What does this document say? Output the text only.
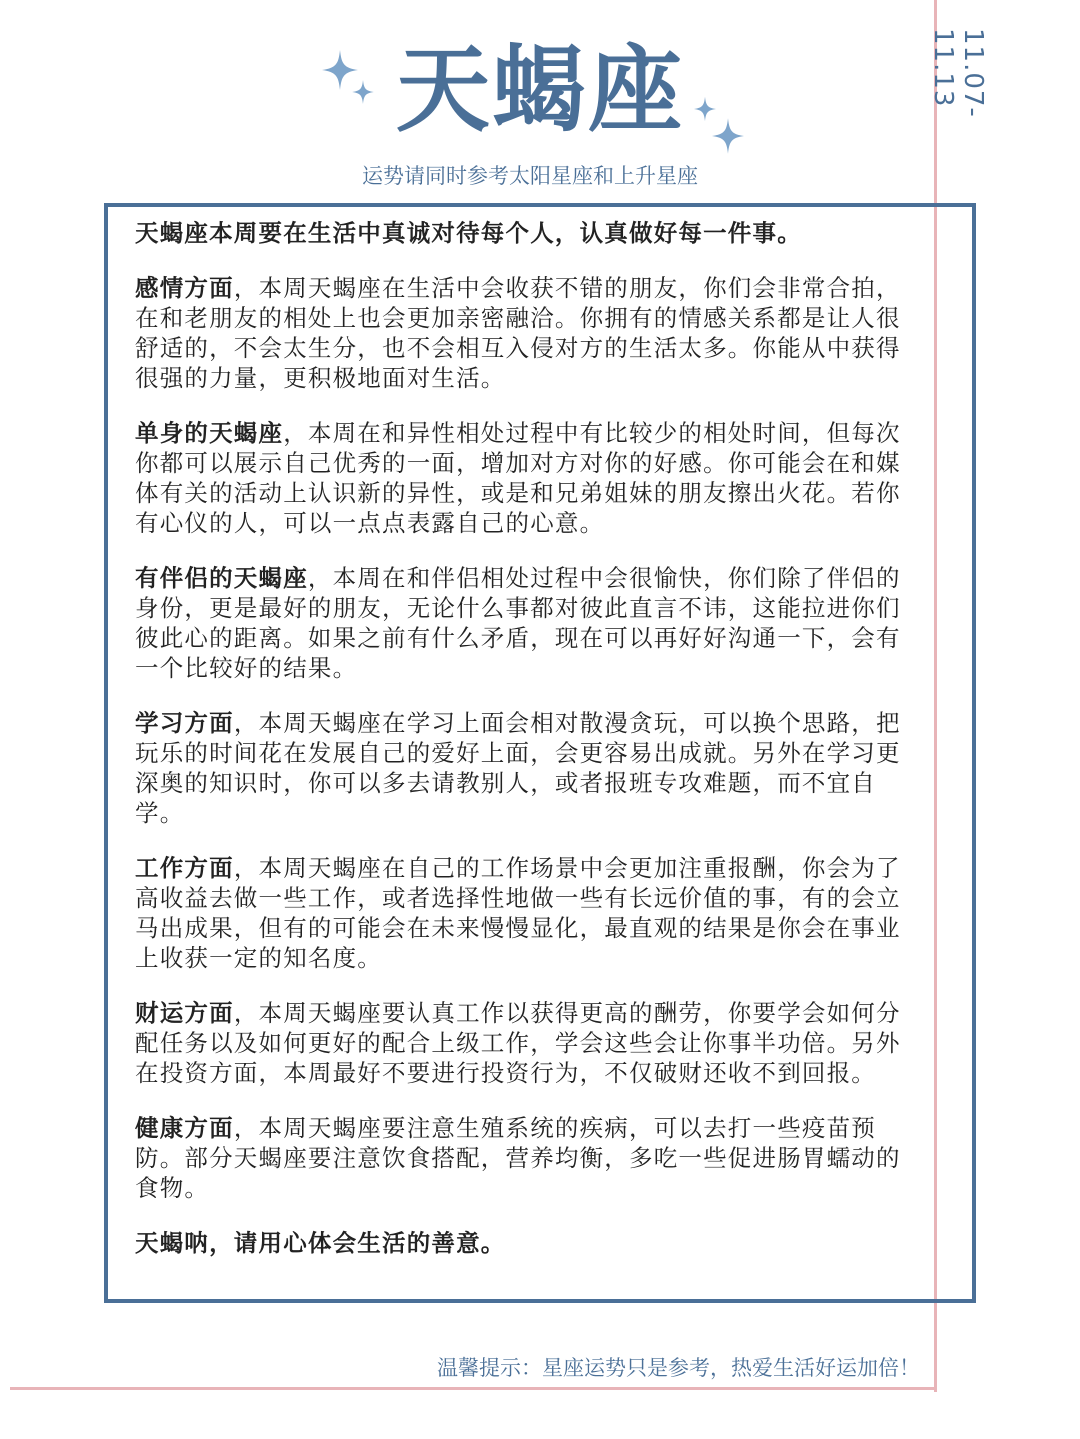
11.07-11.13
天蝎座
运势请同时参考太阳星座和上升星座

天蝎座本周要在生活中真诚对待每个人，认真做好每一件事。

感情方面，本周天蝎座在生活中会收获不错的朋友，你们会非常合拍，在和老朋友的相处上也会更加亲密融洽。你拥有的情感关系都是让人很舒适的，不会太生分，也不会相互入侵对方的生活太多。你能从中获得很强的力量，更积极地面对生活。

单身的天蝎座，本周在和异性相处过程中有比较少的相处时间，但每次你都可以展示自己优秀的一面，增加对方对你的好感。你可能会在和媒体有关的活动上认识新的异性，或是和兄弟姐妹的朋友擦出火花。若你有心仪的人，可以一点点表露自己的心意。

有伴侣的天蝎座，本周在和伴侣相处过程中会很愉快，你们除了伴侣的身份，更是最好的朋友，无论什么事都对彼此直言不讳，这能拉进你们彼此心的距离。如果之前有什么矛盾，现在可以再好好沟通一下，会有一个比较好的结果。

学习方面，本周天蝎座在学习上面会相对散漫贪玩，可以换个思路，把玩乐的时间花在发展自己的爱好上面，会更容易出成就。另外在学习更深奥的知识时，你可以多去请教别人，或者报班专攻难题，而不宜自学。

工作方面，本周天蝎座在自己的工作场景中会更加注重报酬，你会为了高收益去做一些工作，或者选择性地做一些有长远价值的事，有的会立马出成果，但有的可能会在未来慢慢显化，最直观的结果是你会在事业上收获一定的知名度。

财运方面，本周天蝎座要认真工作以获得更高的酬劳，你要学会如何分配任务以及如何更好的配合上级工作，学会这些会让你事半功倍。另外在投资方面，本周最好不要进行投资行为，不仅破财还收不到回报。

健康方面，本周天蝎座要注意生殖系统的疾病，可以去打一些疫苗预防。部分天蝎座要注意饮食搭配，营养均衡，多吃一些促进肠胃蠕动的食物。

天蝎呐，请用心体会生活的善意。

温馨提示：星座运势只是参考，热爱生活好运加倍！
